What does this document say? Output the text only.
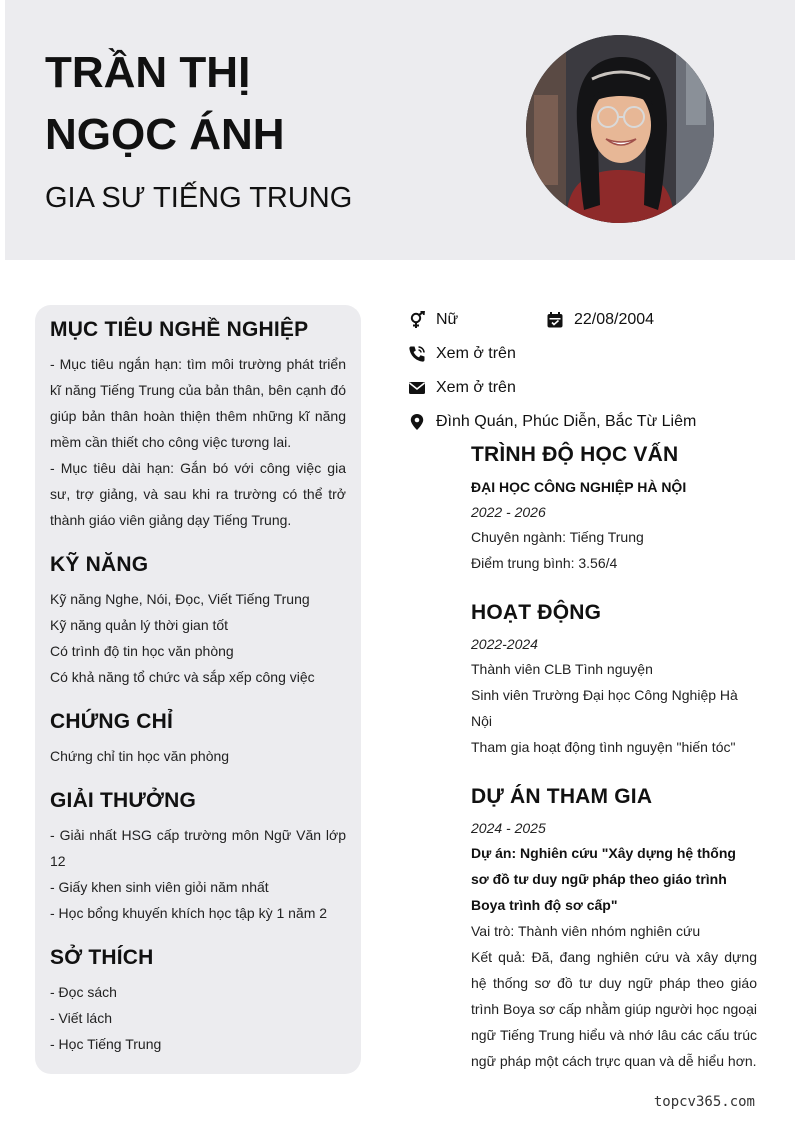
TRẦN THỊ
NGỌC ÁNH
GIA SƯ TIẾNG TRUNG
MỤC TIÊU NGHỀ NGHIỆP
- Mục tiêu ngắn hạn: tìm môi trường phát triển kĩ năng Tiếng Trung của bản thân, bên cạnh đó giúp bản thân hoàn thiện thêm những kĩ năng mềm cần thiết cho công việc tương lai.
- Mục tiêu dài hạn: Gắn bó với công việc gia sư, trợ giảng, và sau khi ra trường có thể trở thành giáo viên giảng dạy Tiếng Trung.
KỸ NĂNG
Kỹ năng Nghe, Nói, Đọc, Viết Tiếng Trung
Kỹ năng quản lý thời gian tốt
Có trình độ tin học văn phòng
Có khả năng tổ chức và sắp xếp công việc
CHỨNG CHỈ
Chứng chỉ tin học văn phòng
GIẢI THƯỞNG
- Giải nhất HSG cấp trường môn Ngữ Văn lớp 12
- Giấy khen sinh viên giỏi năm nhất
- Học bổng khuyến khích học tập kỳ 1 năm 2
SỞ THÍCH
- Đọc sách
- Viết lách
- Học Tiếng Trung
Nữ	22/08/2004
Xem ở trên
Xem ở trên
Đình Quán, Phúc Diễn, Bắc Từ Liêm
TRÌNH ĐỘ HỌC VẤN
ĐẠI HỌC CÔNG NGHIỆP HÀ NỘI
2022 - 2026
Chuyên ngành: Tiếng Trung
Điểm trung bình: 3.56/4
HOẠT ĐỘNG
2022-2024
Thành viên CLB Tình nguyện
Sinh viên Trường Đại học Công Nghiệp Hà Nội
Tham gia hoạt động tình nguyện "hiến tóc"
DỰ ÁN THAM GIA
2024 - 2025
Dự án: Nghiên cứu "Xây dựng hệ thống sơ đồ tư duy ngữ pháp theo giáo trình Boya trình độ sơ cấp"
Vai trò: Thành viên nhóm nghiên cứu
Kết quả: Đã, đang nghiên cứu và xây dựng hệ thống sơ đồ tư duy ngữ pháp theo giáo trình Boya sơ cấp nhằm giúp người học ngoại ngữ Tiếng Trung hiểu và nhớ lâu các cấu trúc ngữ pháp một cách trực quan và dễ hiểu hơn.
topcv365.com
